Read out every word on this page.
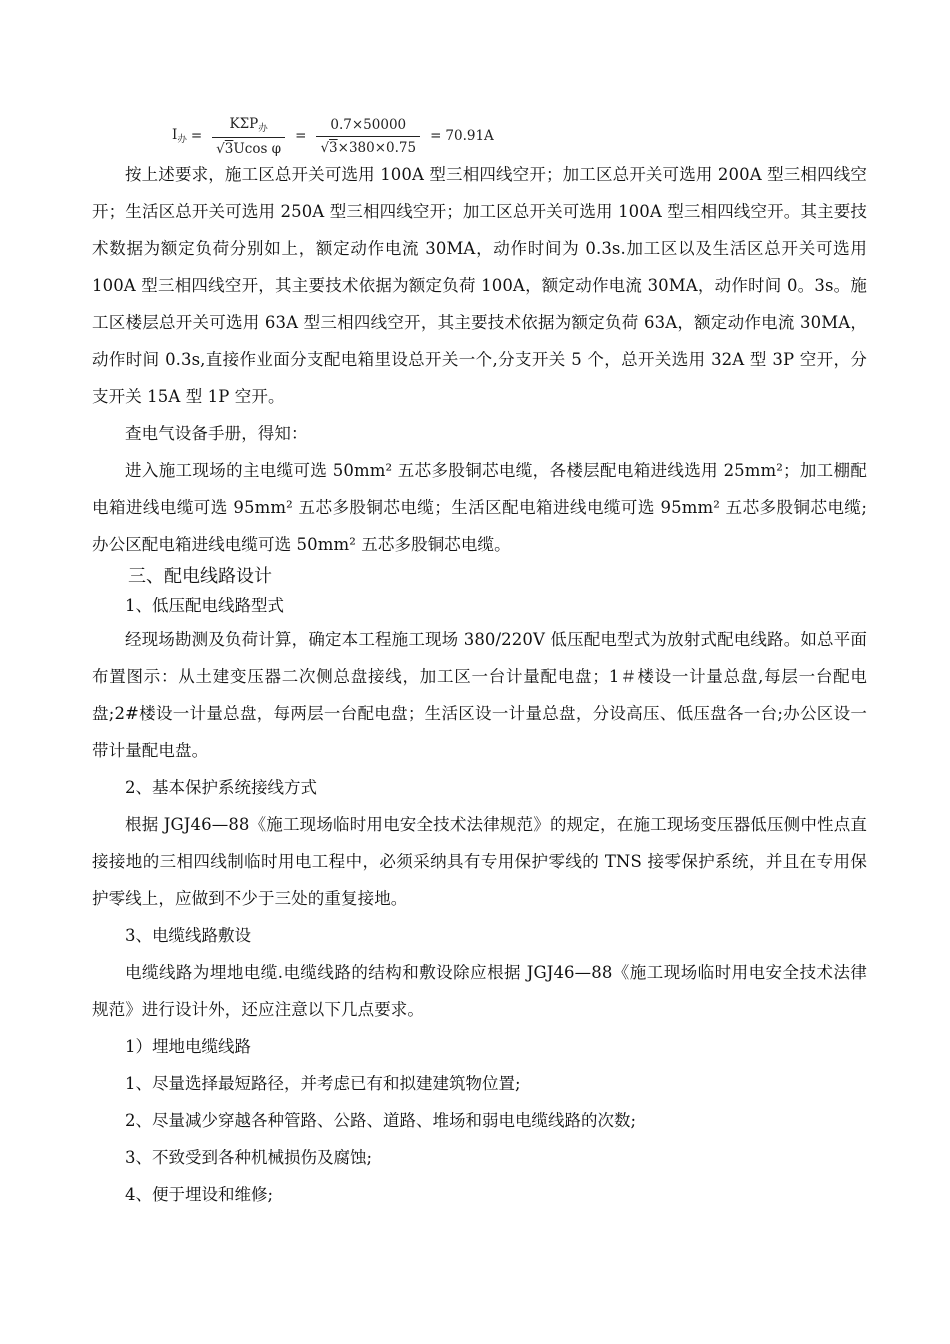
$I_办 = \frac{K\Sigma P_办}{\text{√3Ucos φ}} = \frac{0.7\times 50000}{√3\times 380\times 0.75} = 70.91A$

按上述要求，施工区总开关可选用 100A 型三相四线空开；加工区总开关可选用 200A 型三相四线空开；生活区总开关可选用 250A 型三相四线空开；加工区总开关可选用 100A 型三相四线空开。其主要技术数据为额定负荷分别如上，额定动作电流 30MA，动作时间为 0.3s.加工区以及生活区总开关可选用 100A 型三相四线空开，其主要技术依据为额定负荷 100A，额定动作电流 30MA，动作时间 0。3s。施工区楼层总开关可选用 63A 型三相四线空开，其主要技术依据为额定负荷 63A，额定动作电流 30MA，动作时间 0.3s,直接作业面分支配电箱里设总开关一个,分支开关 5 个，总开关选用 32A 型 3P 空开，分支开关 15A 型 1P 空开。

查电气设备手册，得知：

进入施工现场的主电缆可选 50mm² 五芯多股铜芯电缆，各楼层配电箱进线选用 25mm²；加工棚配电箱进线电缆可选 95mm² 五芯多股铜芯电缆；生活区配电箱进线电缆可选 95mm² 五芯多股铜芯电缆;办公区配电箱进线电缆可选 50mm² 五芯多股铜芯电缆。

三、配电线路设计

1、低压配电线路型式

经现场勘测及负荷计算，确定本工程施工现场 380/220V 低压配电型式为放射式配电线路。如总平面布置图示：从土建变压器二次侧总盘接线，加工区一台计量配电盘；1＃楼设一计量总盘,每层一台配电盘;2#楼设一计量总盘，每两层一台配电盘；生活区设一计量总盘，分设高压、低压盘各一台;办公区设一带计量配电盘。

2、基本保护系统接线方式

根据 JGJ46—88《施工现场临时用电安全技术法律规范》的规定，在施工现场变压器低压侧中性点直接接地的三相四线制临时用电工程中，必须采纳具有专用保护零线的 TNS 接零保护系统，并且在专用保护零线上，应做到不少于三处的重复接地。

3、电缆线路敷设

电缆线路为埋地电缆.电缆线路的结构和敷设除应根据 JGJ46—88《施工现场临时用电安全技术法律规范》进行设计外，还应注意以下几点要求。

1）埋地电缆线路

1、尽量选择最短路径，并考虑已有和拟建建筑物位置;

2、尽量减少穿越各种管路、公路、道路、堆场和弱电电缆线路的次数;

3、不致受到各种机械损伤及腐蚀;

4、便于埋设和维修;
